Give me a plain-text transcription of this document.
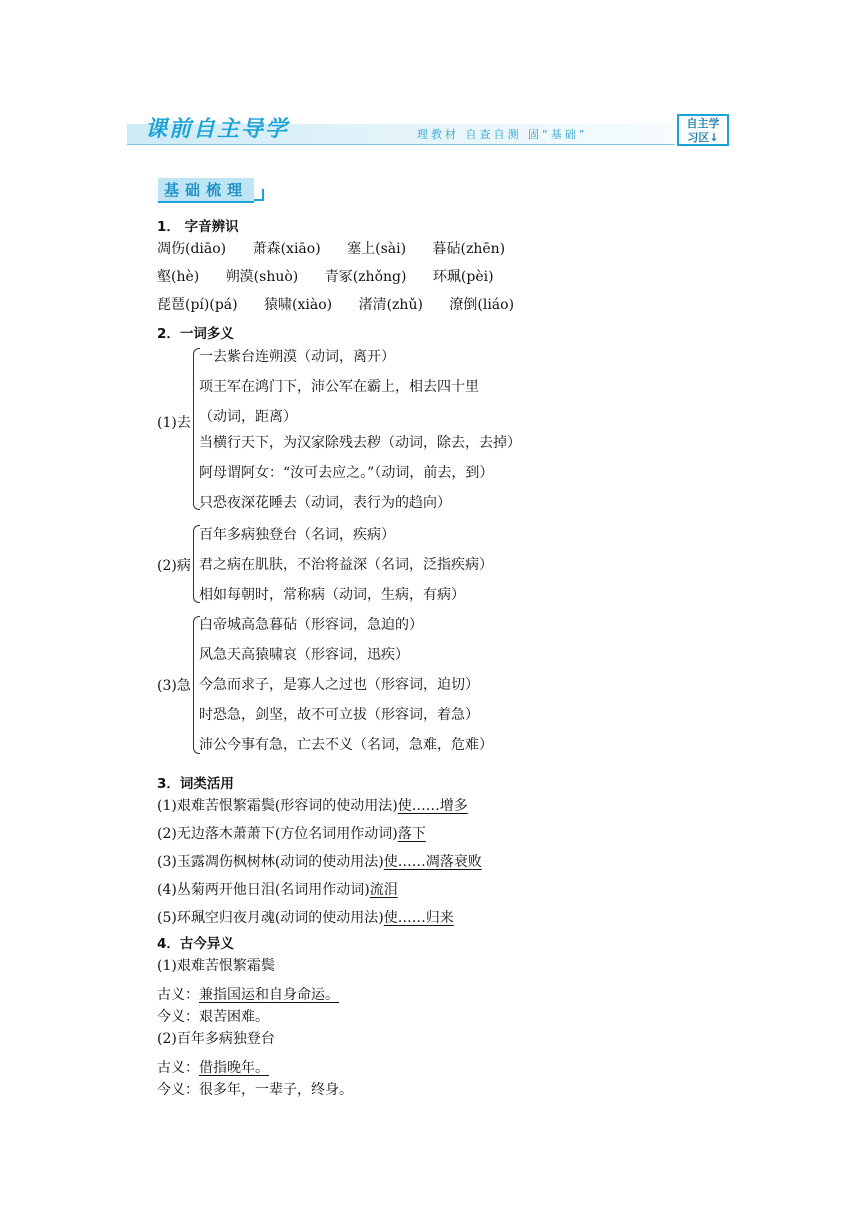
课前自主导学	理教材 自查自测 固“基础”
自主学
习区↓
基础梳理
1． 字音辨识
凋伤(diāo) 萧森(xiāo) 塞上(sài) 暮砧(zhēn)
壑(hè) 朔漠(shuò) 青冢(zhǒng) 环珮(pèi)
琵琶(pí)(pá) 猿啸(xiào) 渚清(zhǔ) 潦倒(liáo)
2．一词多义
(1)去
一去紫台连朔漠（动词，离开）
项王军在鸿门下，沛公军在霸上，相去四十里
（动词，距离）
当横行天下，为汉家除残去秽（动词，除去，去掉）
阿母谓阿女：“汝可去应之。”（动词，前去，到）
只恐夜深花睡去（动词，表行为的趋向）
(2)病
百年多病独登台（名词，疾病）
君之病在肌肤，不治将益深（名词，泛指疾病）
相如每朝时，常称病（动词，生病，有病）
(3)急
白帝城高急暮砧（形容词，急迫的）
风急天高猿啸哀（形容词，迅疾）
今急而求子，是寡人之过也（形容词，迫切）
时恐急，剑坚，故不可立拔（形容词，着急）
沛公今事有急，亡去不义（名词，急难，危难）
3．词类活用
(1)艰难苦恨繁霜鬓(形容词的使动用法)使……增多
(2)无边落木萧萧下(方位名词用作动词)落下
(3)玉露凋伤枫树林(动词的使动用法)使……凋落衰败
(4)丛菊两开他日泪(名词用作动词)流泪
(5)环珮空归夜月魂(动词的使动用法)使……归来
4．古今异义
(1)艰难苦恨繁霜鬓
古义：兼指国运和自身命运。
今义：艰苦困难。
(2)百年多病独登台
古义：借指晚年。
今义：很多年，一辈子，终身。
